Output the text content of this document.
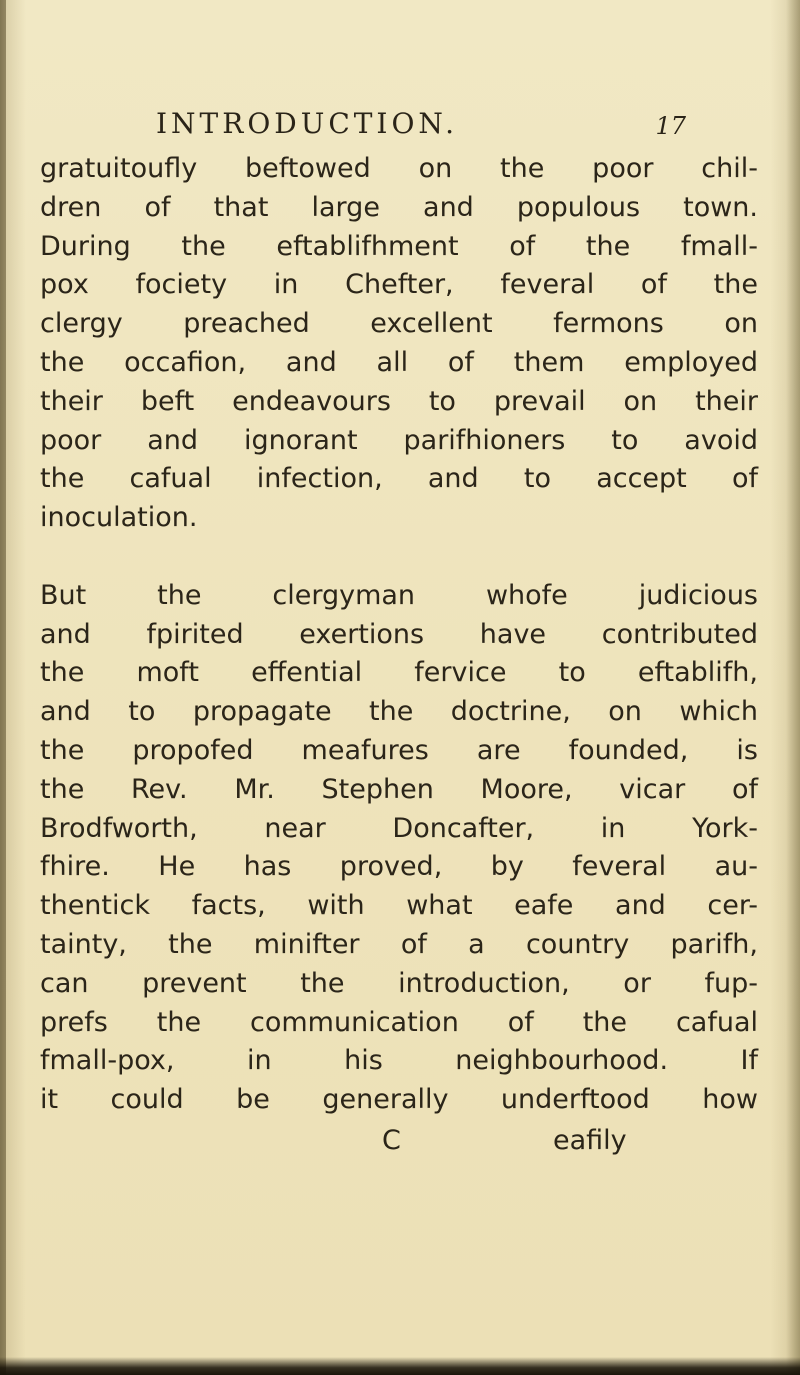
INTRODUCTION.	17

gratuitoufly beftowed on the poor chil-
dren of that large and populous town.
During the eftablifhment of the fmall-
pox fociety in Chefter, feveral of the
clergy preached excellent fermons on
the occafion, and all of them employed
their beft endeavours to prevail on their
poor and ignorant parifhioners to avoid
the cafual infection, and to accept of
inoculation.

But the clergyman whofe judicious
and fpirited exertions have contributed
the moft effential fervice to eftablifh,
and to propagate the doctrine, on which
the propofed meafures are founded, is
the Rev. Mr. Stephen Moore, vicar of
Brodfworth, near Doncafter, in York-
fhire. He has proved, by feveral au-
thentick facts, with what eafe and cer-
tainty, the minifter of a country parifh,
can prevent the introduction, or fup-
prefs the communication of the cafual
fmall-pox, in his neighbourhood. If
it could be generally underftood how

C	eafily
